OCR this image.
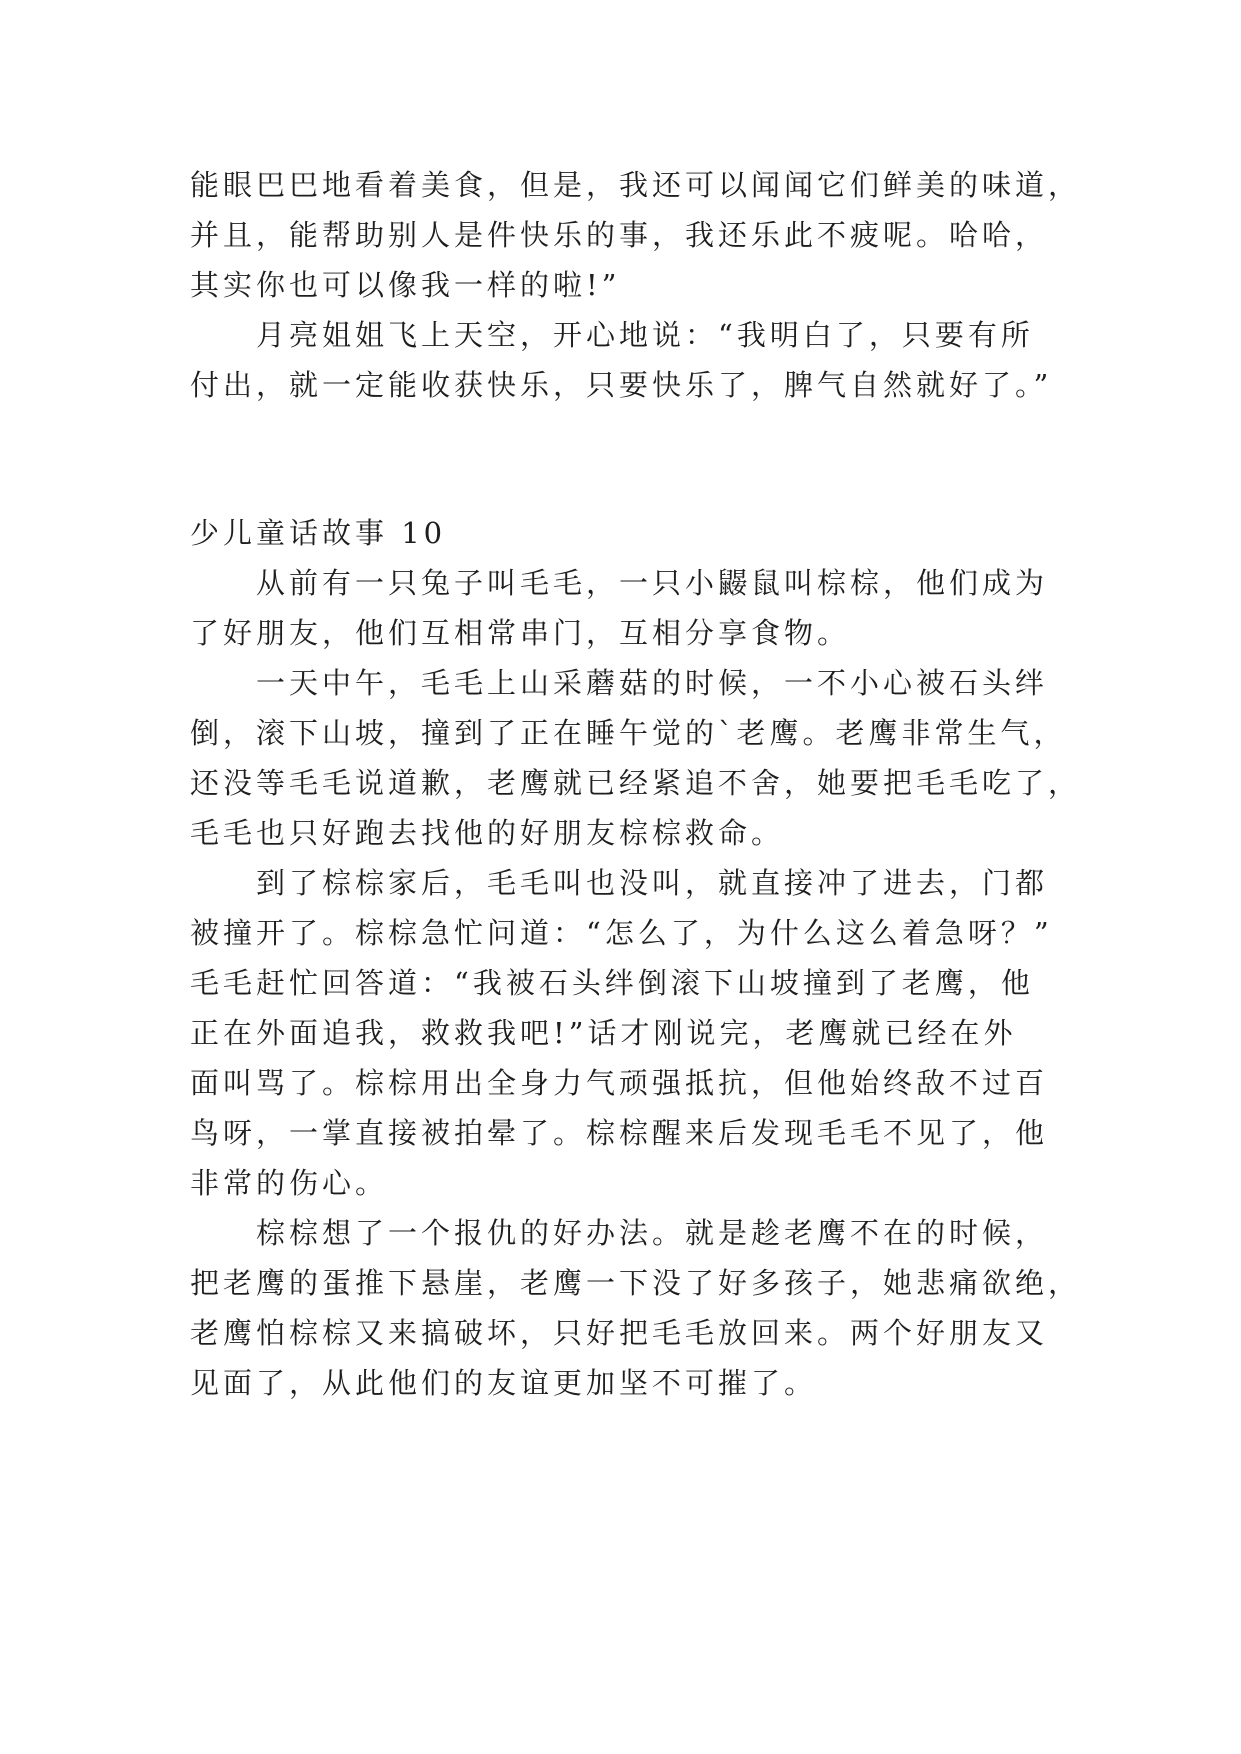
能眼巴巴地看着美食，但是，我还可以闻闻它们鲜美的味道，
并且，能帮助别人是件快乐的事，我还乐此不疲呢。哈哈，
其实你也可以像我一样的啦!”
　　月亮姐姐飞上天空，开心地说：“我明白了，只要有所
付出，就一定能收获快乐，只要快乐了，脾气自然就好了。”
少儿童话故事 10
　　从前有一只兔子叫毛毛，一只小鼹鼠叫棕棕，他们成为
了好朋友，他们互相常串门，互相分享食物。
　　一天中午，毛毛上山采蘑菇的时候，一不小心被石头绊
倒，滚下山坡，撞到了正在睡午觉的`老鹰。老鹰非常生气，
还没等毛毛说道歉，老鹰就已经紧追不舍，她要把毛毛吃了，
毛毛也只好跑去找他的好朋友棕棕救命。
　　到了棕棕家后，毛毛叫也没叫，就直接冲了进去，门都
被撞开了。棕棕急忙问道：“怎么了，为什么这么着急呀？”
毛毛赶忙回答道：“我被石头绊倒滚下山坡撞到了老鹰，他
正在外面追我，救救我吧!”话才刚说完，老鹰就已经在外
面叫骂了。棕棕用出全身力气顽强抵抗，但他始终敌不过百
鸟呀，一掌直接被拍晕了。棕棕醒来后发现毛毛不见了，他
非常的伤心。
　　棕棕想了一个报仇的好办法。就是趁老鹰不在的时候，
把老鹰的蛋推下悬崖，老鹰一下没了好多孩子，她悲痛欲绝，
老鹰怕棕棕又来搞破坏，只好把毛毛放回来。两个好朋友又
见面了，从此他们的友谊更加坚不可摧了。
